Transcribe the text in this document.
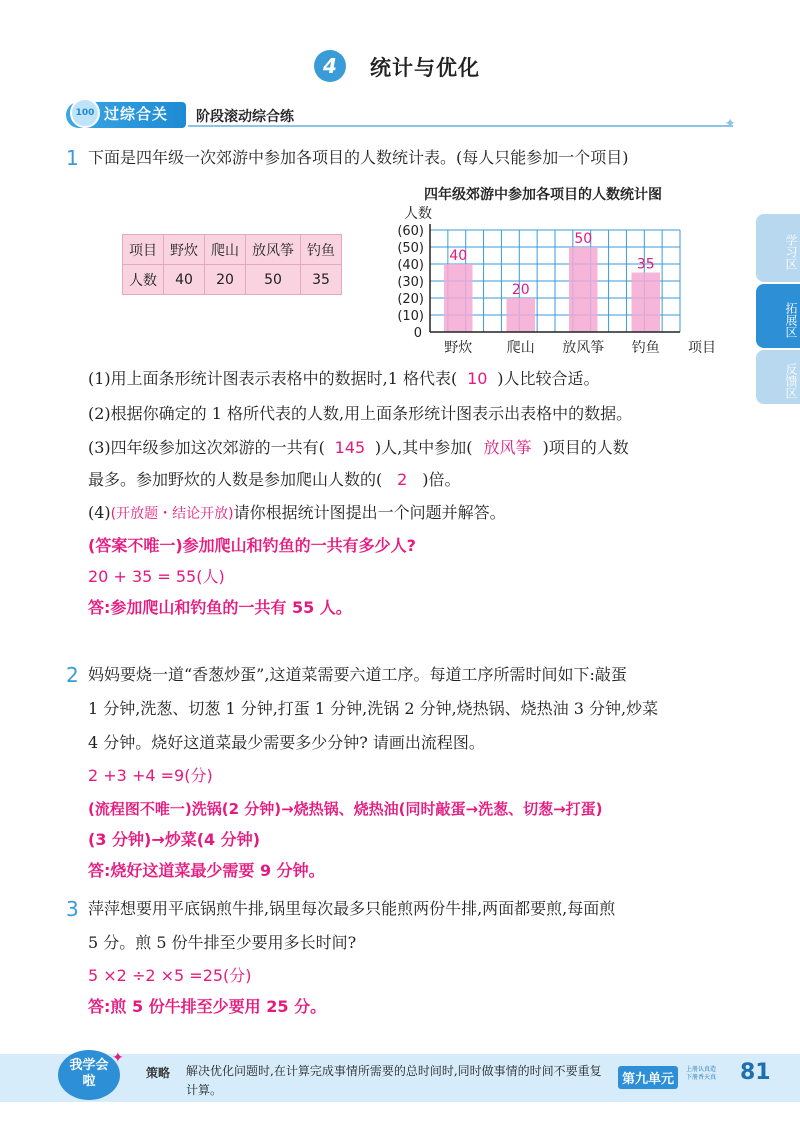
4	统计与优化
100 过综合关 阶段滚动综合练	✦
学习区
拓展区
反馈区
1 下面是四年级一次郊游中参加各项目的人数统计表。(每人只能参加一个项目)
项目	野炊	爬山	放风筝	钓鱼
人数	40	20	50	35
四年级郊游中参加各项目的人数统计图
人数
0
(10)
(20)
(30)
(40)
(50)
(60)
40
野炊
20
爬山
50
放风筝
35
钓鱼 项目
(1)用上面条形统计图表示表格中的数据时,1 格代表( 10 )人比较合适。
(2)根据你确定的 1 格所代表的人数,用上面条形统计图表示出表格中的数据。
(3)四年级参加这次郊游的一共有( 145 )人,其中参加( 放风筝 )项目的人数
最多。参加野炊的人数是参加爬山人数的( 2 )倍。
(4)(开放题・结论开放)请你根据统计图提出一个问题并解答。
(答案不唯一)参加爬山和钓鱼的一共有多少人?
20 + 35 = 55(人)
答:参加爬山和钓鱼的一共有 55 人。
2 妈妈要烧一道“香葱炒蛋”,这道菜需要六道工序。每道工序所需时间如下:敲蛋
1 分钟,洗葱、切葱 1 分钟,打蛋 1 分钟,洗锅 2 分钟,烧热锅、烧热油 3 分钟,炒菜
4 分钟。烧好这道菜最少需要多少分钟? 请画出流程图。
2 +3 +4 =9(分)
(流程图不唯一)洗锅(2 分钟)→烧热锅、烧热油(同时敲蛋→洗葱、切葱→打蛋)
(3 分钟)→炒菜(4 分钟)
答:烧好这道菜最少需要 9 分钟。
3 萍萍想要用平底锅煎牛排,锅里每次最多只能煎两份牛排,两面都要煎,每面煎
5 分。煎 5 份牛排至少要用多长时间?
5 ×2 ÷2 ×5 =25(分)
答:煎 5 份牛排至少要用 25 分。
我学会啦
✦
策略 解决优化问题时,在计算完成事情所需要的总时间时,同时做事情的时间不要重复计算。
第九单元
上册认真造
下册香天真 81
